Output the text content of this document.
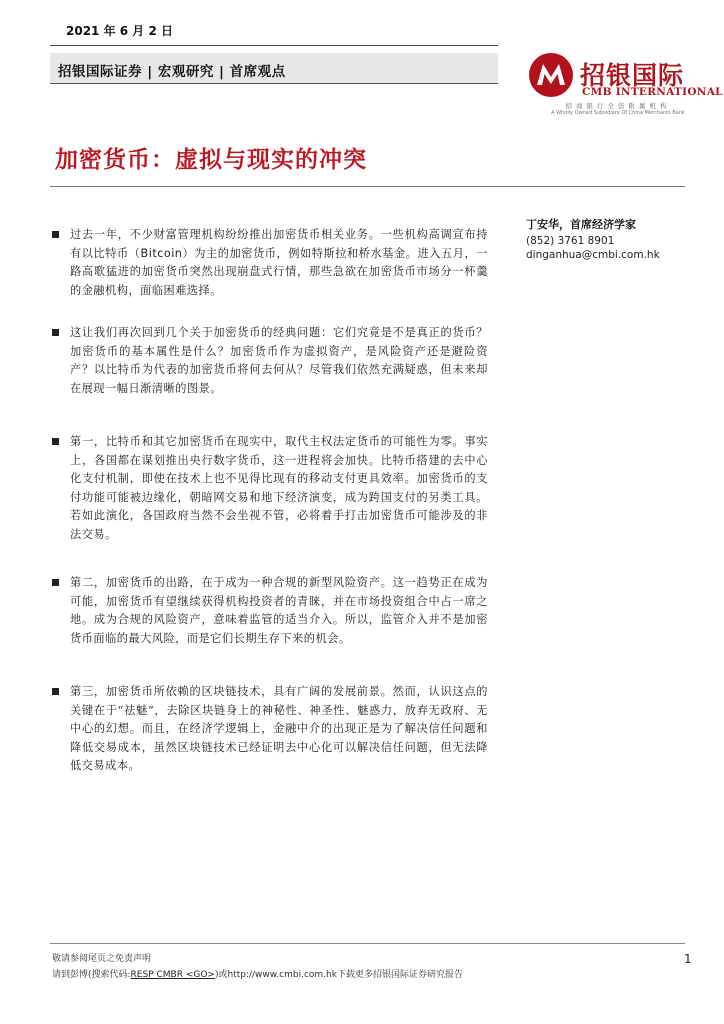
2021 年 6 月 2 日
招银国际证券 | 宏观研究 | 首席观点	招银国际
CMB INTERNATIONAL
招商银行全资附属机构
A Wholly Owned Subsidiary Of China Merchants Bank
加密货币：虚拟与现实的冲突
丁安华，首席经济学家
(852) 3761 8901
dinganhua@cmbi.com.hk

过去一年，不少财富管理机构纷纷推出加密货币相关业务。一些机构高调宣布持有以比特币（Bitcoin）为主的加密货币，例如特斯拉和桥水基金。进入五月，一路高歌猛进的加密货币突然出现崩盘式行情，那些急欲在加密货币市场分一杯羹的金融机构，面临困难选择。

这让我们再次回到几个关于加密货币的经典问题：它们究竟是不是真正的货币？加密货币的基本属性是什么？加密货币作为虚拟资产，是风险资产还是避险资产？以比特币为代表的加密货币将何去何从？尽管我们依然充满疑惑，但未来却在展现一幅日渐清晰的图景。

第一，比特币和其它加密货币在现实中，取代主权法定货币的可能性为零。事实上，各国都在谋划推出央行数字货币，这一进程将会加快。比特币搭建的去中心化支付机制，即使在技术上也不见得比现有的移动支付更具效率。加密货币的支付功能可能被边缘化，朝暗网交易和地下经济演变，成为跨国支付的另类工具。若如此演化，各国政府当然不会坐视不管，必将着手打击加密货币可能涉及的非法交易。

第二，加密货币的出路，在于成为一种合规的新型风险资产。这一趋势正在成为可能，加密货币有望继续获得机构投资者的青睐，并在市场投资组合中占一席之地。成为合规的风险资产，意味着监管的适当介入。所以，监管介入并不是加密货币面临的最大风险，而是它们长期生存下来的机会。

第三，加密货币所依赖的区块链技术，具有广阔的发展前景。然而，认识这点的关键在于“祛魅”，去除区块链身上的神秘性、神圣性、魅惑力，放弃无政府、无中心的幻想。而且，在经济学逻辑上，金融中介的出现正是为了解决信任问题和降低交易成本，虽然区块链技术已经证明去中心化可以解决信任问题，但无法降低交易成本。

敬请参阅尾页之免责声明
请到彭博(搜索代码:RESP CMBR <GO>)或http://www.cmbi.com.hk下载更多招银国际证券研究报告
1
